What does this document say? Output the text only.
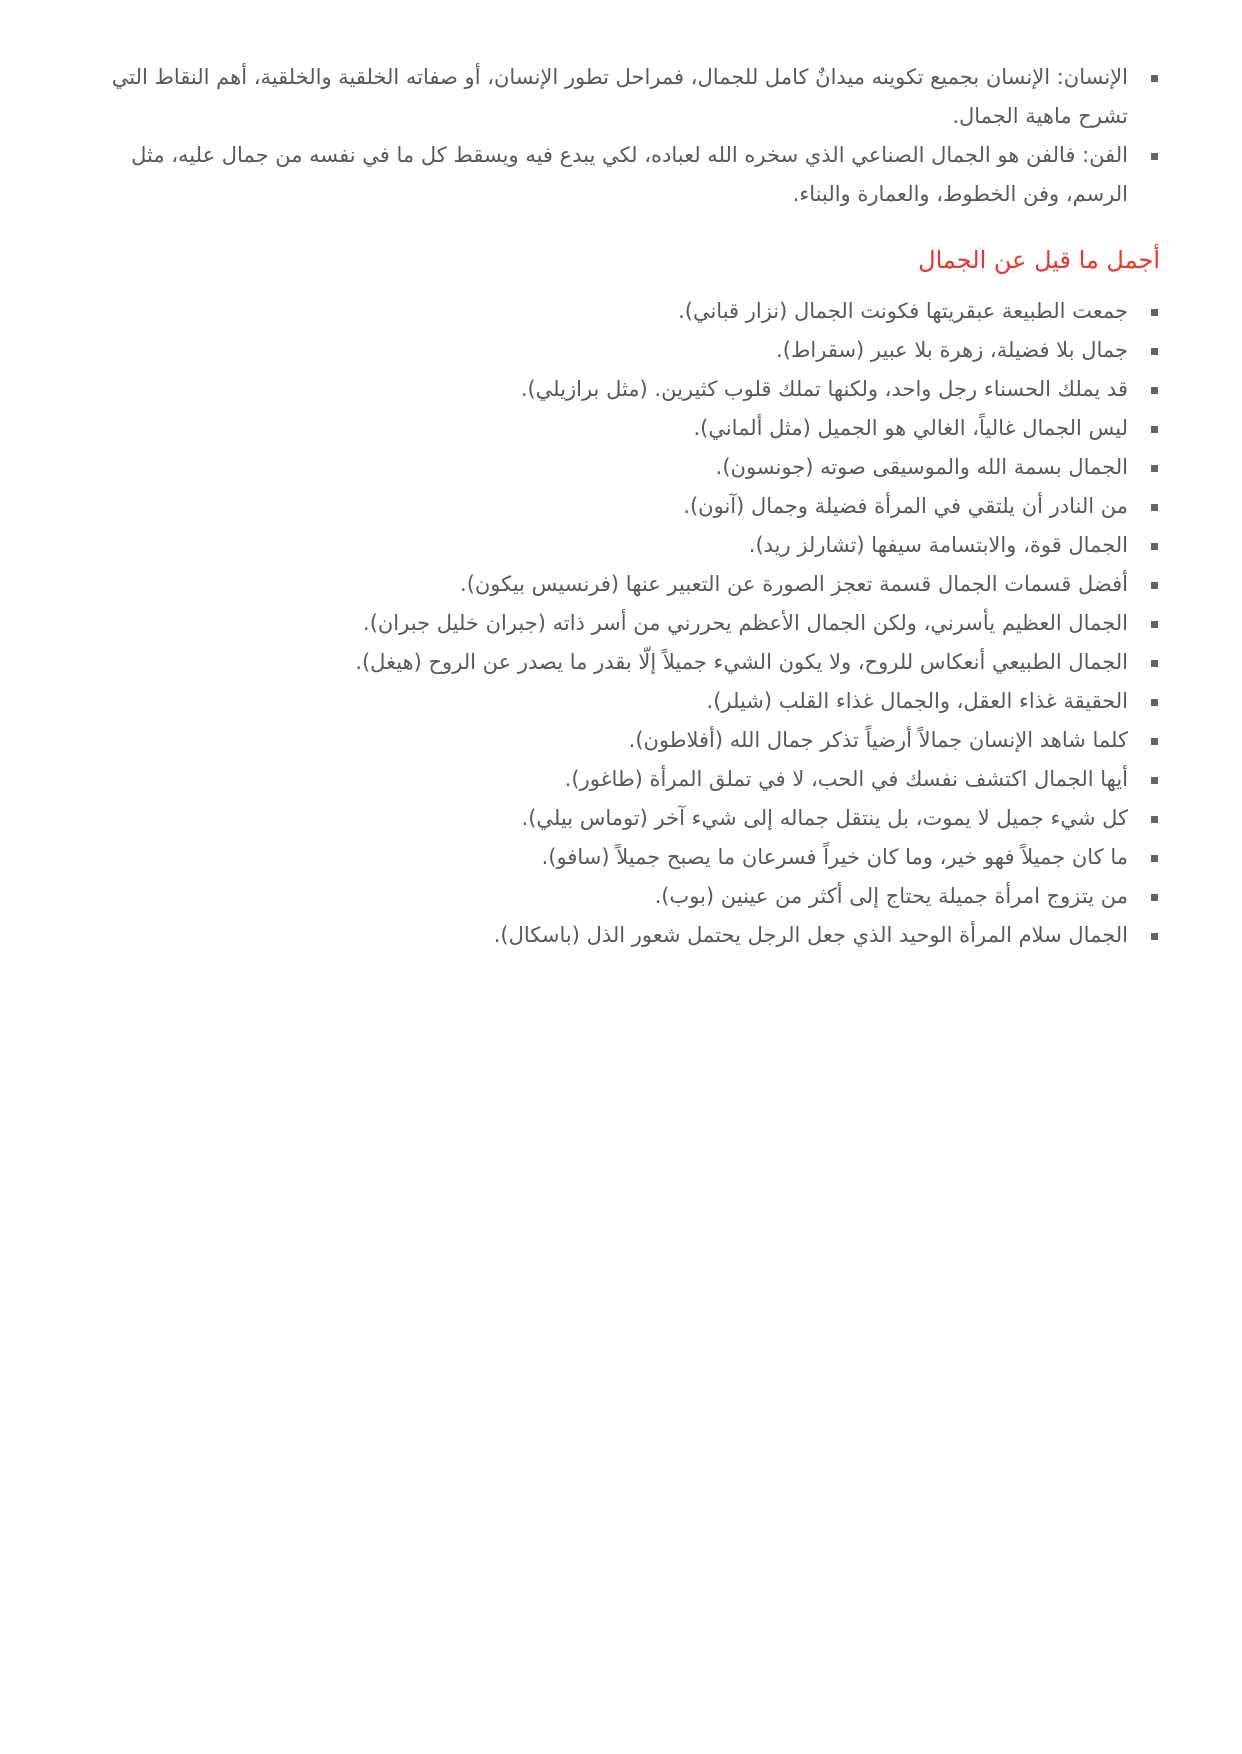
الإنسان: الإنسان بجميع تكوينه ميدانٌ كامل للجمال، فمراحل تطور الإنسان، أو صفاته الخلقية والخلقية، أهم النقاط التي تشرح ماهية الجمال.
الفن: فالفن هو الجمال الصناعي الذي سخره الله لعباده، لكي يبدع فيه ويسقط كل ما في نفسه من جمال عليه، مثل الرسم، وفن الخطوط، والعمارة والبناء.
أجمل ما قيل عن الجمال
جمعت الطبيعة عبقريتها فكونت الجمال (نزار قباني).
جمال بلا فضيلة، زهرة بلا عبير (سقراط).
قد يملك الحسناء رجل واحد، ولكنها تملك قلوب كثيرين. (مثل برازيلي).
ليس الجمال غالياً، الغالي هو الجميل (مثل ألماني).
الجمال بسمة الله والموسيقى صوته (جونسون).
من النادر أن يلتقي في المرأة فضيلة وجمال (آنون).
الجمال قوة، والابتسامة سيفها (تشارلز ريد).
أفضل قسمات الجمال قسمة تعجز الصورة عن التعبير عنها (فرنسيس بيكون).
الجمال العظيم يأسرني، ولكن الجمال الأعظم يحررني من أسر ذاته (جبران خليل جبران).
الجمال الطبيعي أنعكاس للروح، ولا يكون الشيء جميلاً إلّا بقدر ما يصدر عن الروح (هيغل).
الحقيقة غذاء العقل، والجمال غذاء القلب (شيلر).
كلما شاهد الإنسان جمالاً أرضياً تذكر جمال الله (أفلاطون).
أيها الجمال اكتشف نفسك في الحب، لا في تملق المرأة (طاغور).
كل شيء جميل لا يموت، بل ينتقل جماله إلى شيء آخر (توماس بيلي).
ما كان جميلاً فهو خير، وما كان خيراً فسرعان ما يصبح جميلاً (سافو).
من يتزوج امرأة جميلة يحتاج إلى أكثر من عينين (بوب).
الجمال سلام المرأة الوحيد الذي جعل الرجل يحتمل شعور الذل (باسكال).
